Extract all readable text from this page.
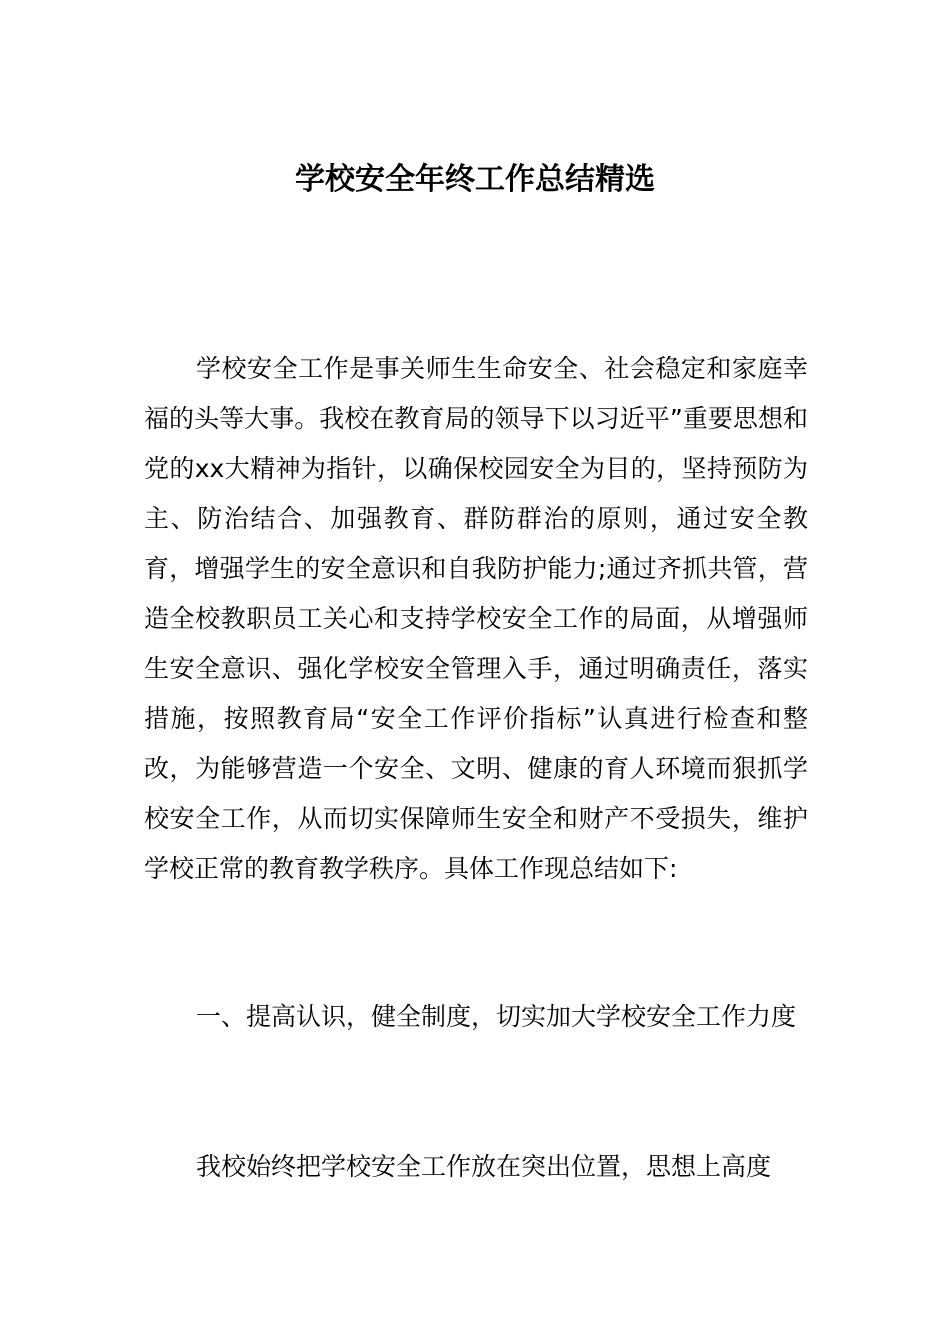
学校安全年终工作总结精选

学校安全工作是事关师生生命安全、社会稳定和家庭幸福的头等大事。我校在教育局的领导下以习近平”重要思想和党的xx大精神为指针，以确保校园安全为目的，坚持预防为主、防治结合、加强教育、群防群治的原则，通过安全教育，增强学生的安全意识和自我防护能力;通过齐抓共管，营造全校教职员工关心和支持学校安全工作的局面，从增强师生安全意识、强化学校安全管理入手，通过明确责任，落实措施，按照教育局“安全工作评价指标”认真进行检查和整改，为能够营造一个安全、文明、健康的育人环境而狠抓学校安全工作，从而切实保障师生安全和财产不受损失，维护学校正常的教育教学秩序。具体工作现总结如下:

一、提高认识，健全制度，切实加大学校安全工作力度

我校始终把学校安全工作放在突出位置，思想上高度
